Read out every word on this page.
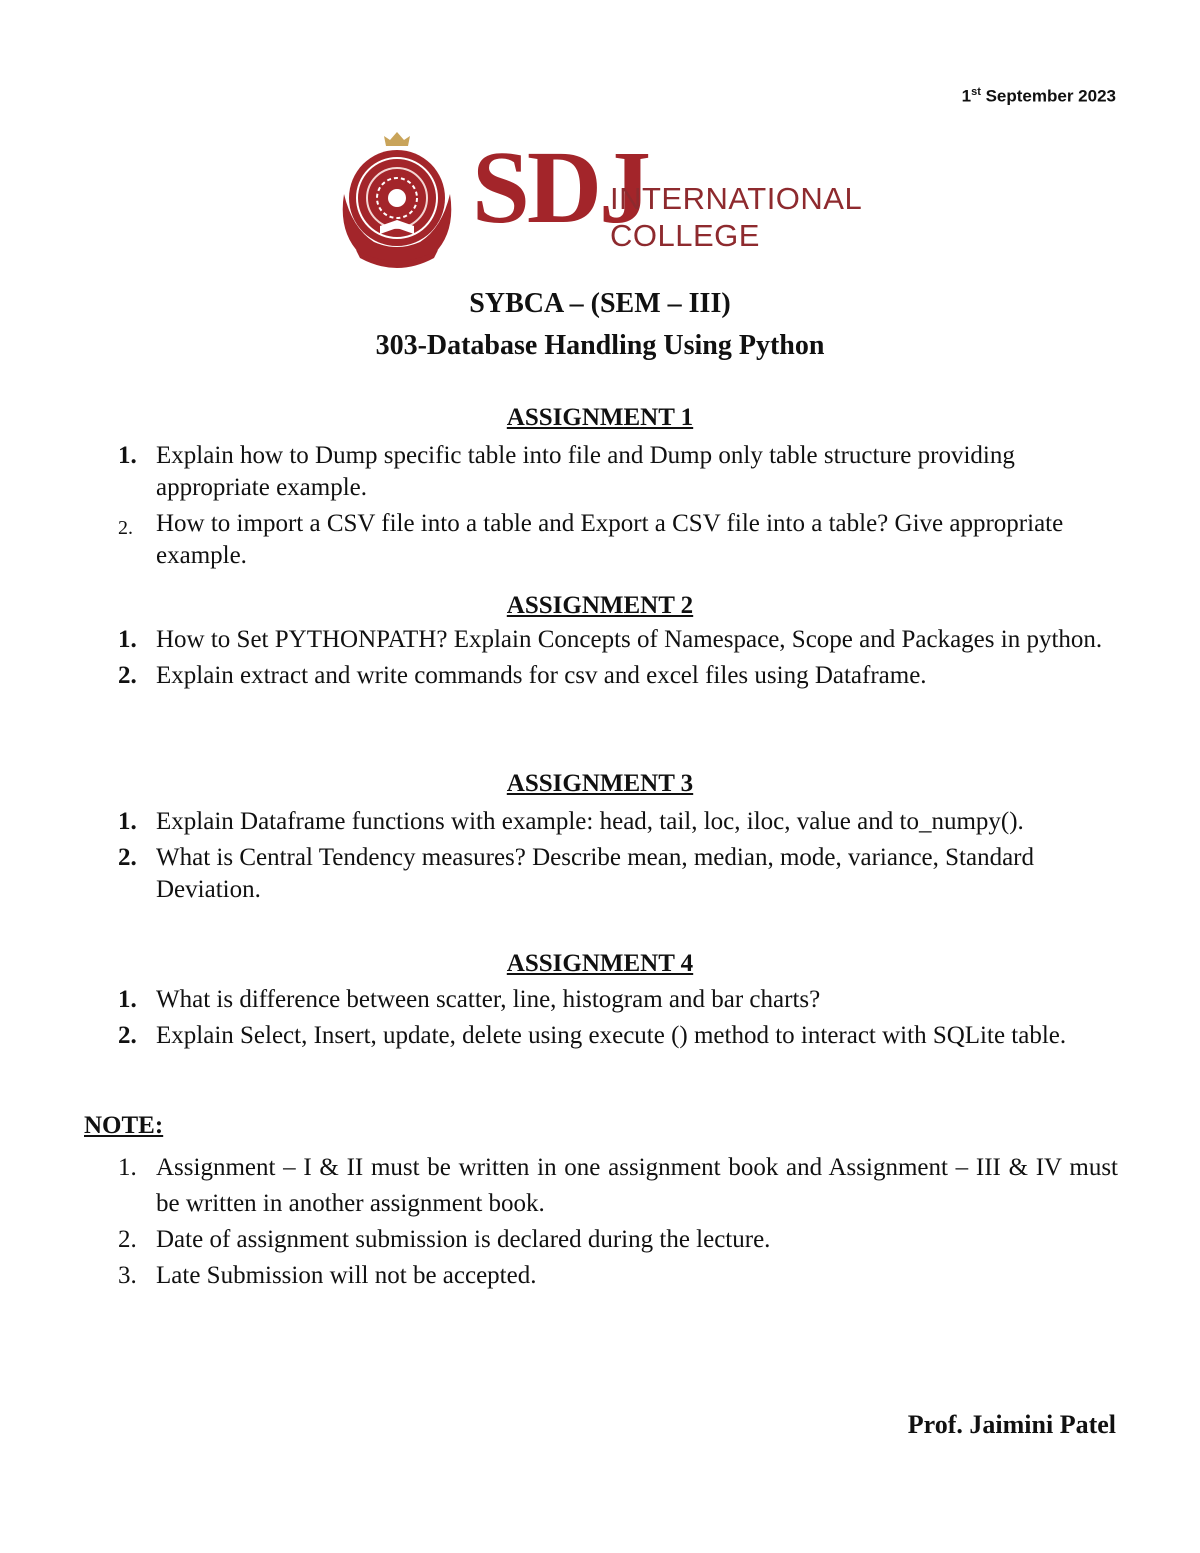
1st September 2023
SDJ
INTERNATIONAL
COLLEGE
SYBCA – (SEM – III)
303-Database Handling Using Python
ASSIGNMENT 1
1. Explain how to Dump specific table into file and Dump only table structure providing appropriate example.
2. How to import a CSV file into a table and Export a CSV file into a table? Give appropriate example.
ASSIGNMENT 2
1. How to Set PYTHONPATH? Explain Concepts of Namespace, Scope and Packages in python.
2. Explain extract and write commands for csv and excel files using Dataframe.
ASSIGNMENT 3
1. Explain Dataframe functions with example: head, tail, loc, iloc, value and to_numpy().
2. What is Central Tendency measures? Describe mean, median, mode, variance, Standard Deviation.
ASSIGNMENT 4
1. What is difference between scatter, line, histogram and bar charts?
2. Explain Select, Insert, update, delete using execute () method to interact with SQLite table.
NOTE:
1. Assignment – I & II must be written in one assignment book and Assignment – III & IV must be written in another assignment book.
2. Date of assignment submission is declared during the lecture.
3. Late Submission will not be accepted.
Prof. Jaimini Patel
